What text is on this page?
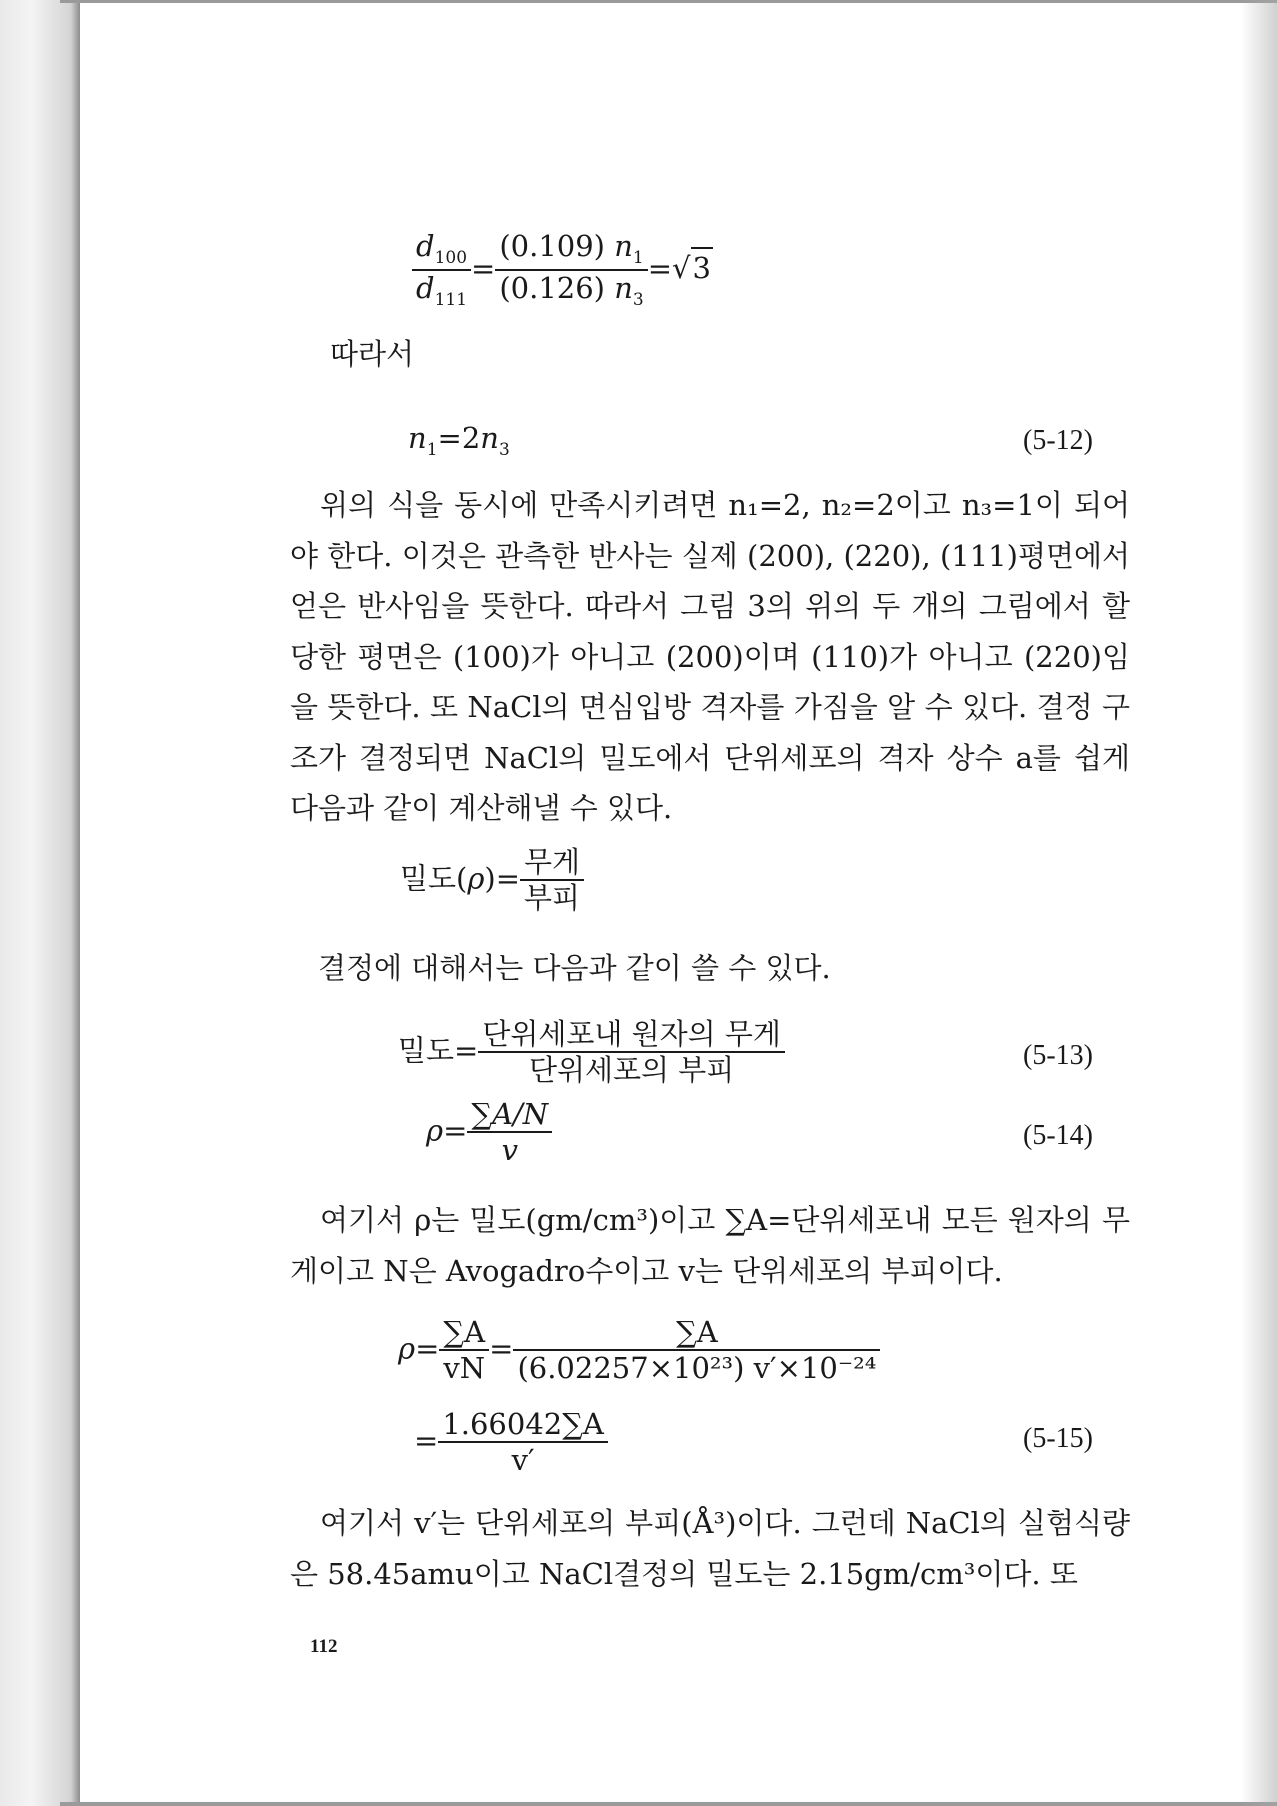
$\frac{d_{100}}{d_{111}} = \frac{(0.109) n_1}{(0.126) n_3} =√3$
따라서
$n_1=2n_3$	(5-12)
위의 식을 동시에 만족시키려면 n₁=2, n₂=2이고 n₃=1이 되어야 한다. 이것은 관측한 반사는 실제 (200), (220), (111)평면에서 얻은 반사임을 뜻한다. 따라서 그림 3의 위의 두 개의 그림에서 할당한 평면은 (100)가 아니고 (200)이며 (110)가 아니고 (220)임을 뜻한다. 또 NaCl의 면심입방 격자를 가짐을 알 수 있다. 결정 구조가 결정되면 NaCl의 밀도에서 단위세포의 격자 상수 a를 쉽게 다음과 같이 계산해낼 수 있다.
밀도$(\rho)= \frac{\text{무게}}{\text{부피}}$
결정에 대해서는 다음과 같이 쓸 수 있다.
밀도= $\frac{\text{단위세포내 원자의 무게}}{\text{단위세포의 부피}}$	(5-13)
$\rho= \frac{\sum A/N}{v}$	(5-14)
여기서 ρ는 밀도(gm/cm³)이고 ∑A=단위세포내 모든 원자의 무게이고 N은 Avogadro수이고 v는 단위세포의 부피이다.
$\rho= \frac{\sum A}{vN} = \frac{\sum A}{\text{(6.02257×10²³) v′×10⁻²⁴}}$
= $\frac{1.66042\sum A}{v'}$	(5-15)
여기서 v′는 단위세포의 부피(Å³)이다. 그런데 NaCl의 실험식량은 58.45amu이고 NaCl결정의 밀도는 2.15gm/cm³이다. 또
112
